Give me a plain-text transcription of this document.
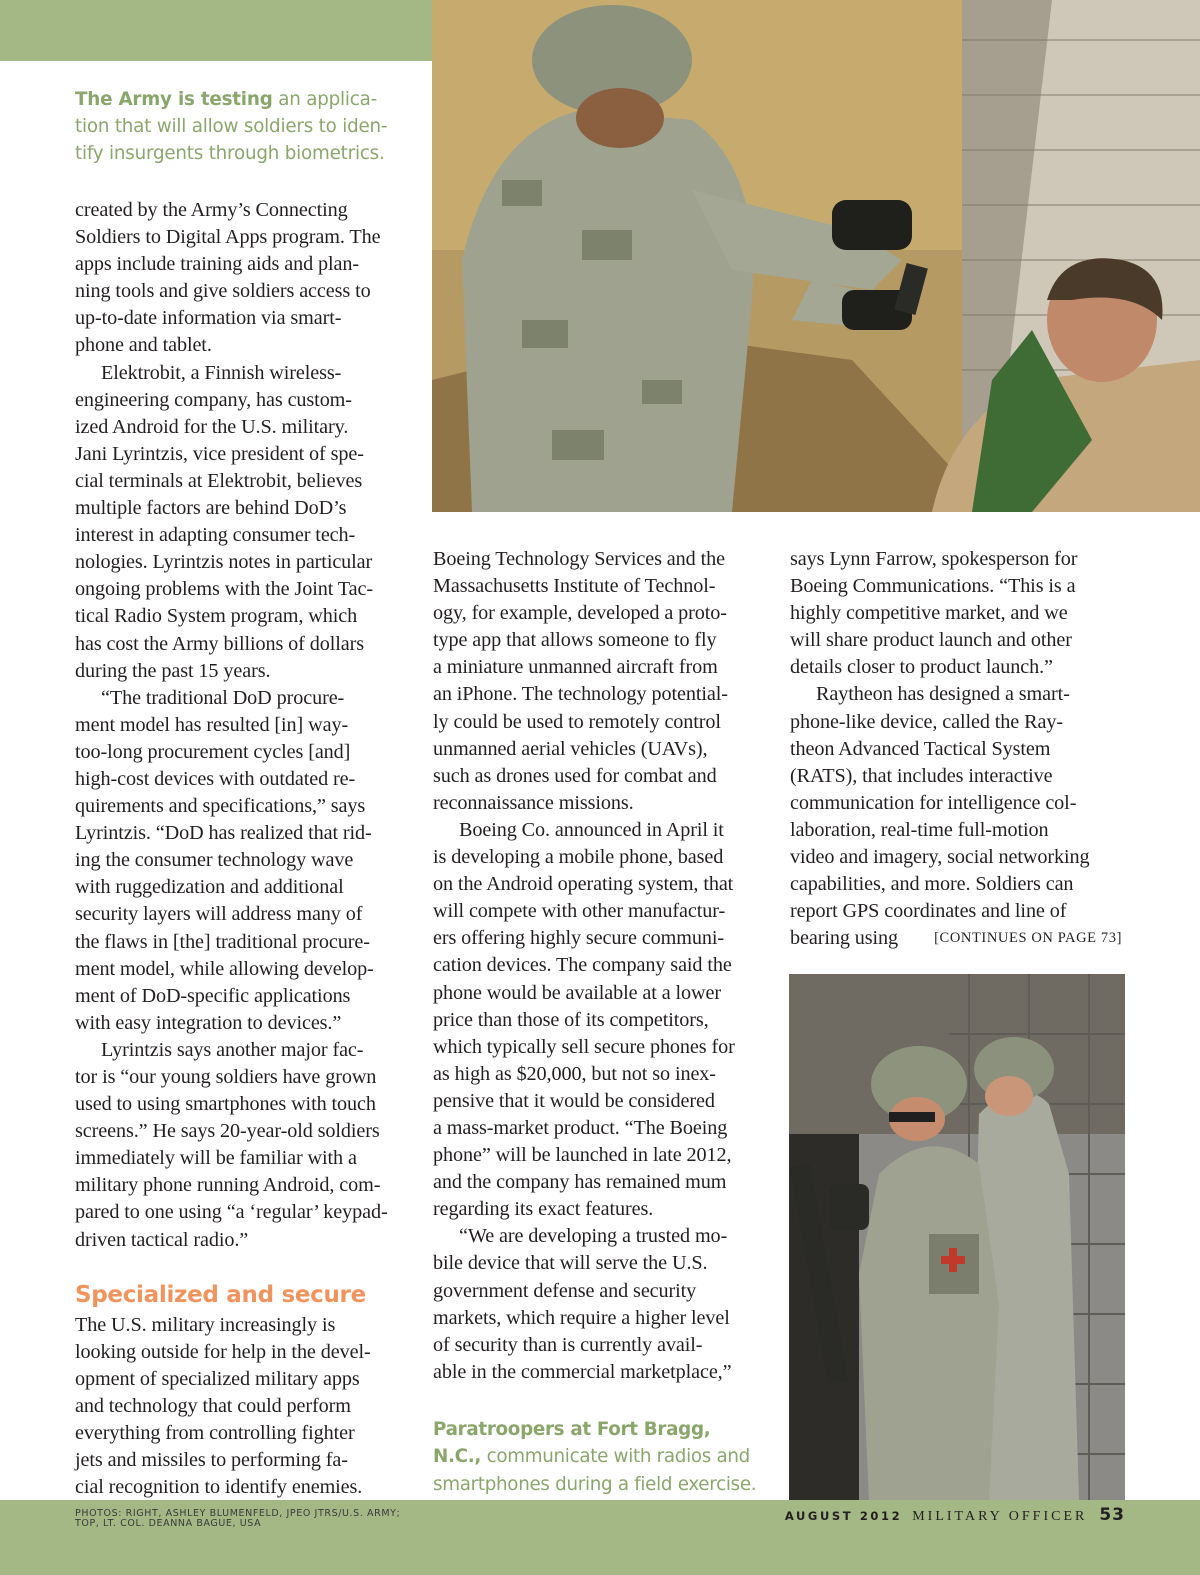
The Army is testing an applica-
tion that will allow soldiers to iden-
tify insurgents through biometrics.

created by the Army’s Connecting

Soldiers to Digital Apps program. The

apps include training aids and plan-

ning tools and give soldiers access to

up-to-date information via smart-

phone and tablet.

Elektrobit, a Finnish wireless-

engineering company, has custom-

ized Android for the U.S. military.

Jani Lyrintzis, vice president of spe-

cial terminals at Elektrobit, believes

multiple factors are behind DoD’s

interest in adapting consumer tech-

nologies. Lyrintzis notes in particular

ongoing problems with the Joint Tac-

tical Radio System program, which

has cost the Army billions of dollars

during the past 15 years.

“The traditional DoD procure-

ment model has resulted [in] way-

too-long procurement cycles [and]

high-cost devices with outdated re-

quirements and specifications,” says

Lyrintzis. “DoD has realized that rid-

ing the consumer technology wave

with ruggedization and additional

security layers will address many of

the flaws in [the] traditional procure-

ment model, while allowing develop-

ment of DoD-specific applications

with easy integration to devices.”

Lyrintzis says another major fac-

tor is “our young soldiers have grown

used to using smartphones with touch

screens.” He says 20-year-old soldiers

immediately will be familiar with a

military phone running Android, com-

pared to one using “a ‘regular’ keypad-

driven tactical radio.”

Specialized and secure

The U.S. military increasingly is

looking outside for help in the devel-

opment of specialized military apps

and technology that could perform

everything from controlling fighter

jets and missiles to performing fa-

cial recognition to identify enemies.

Boeing Technology Services and the

Massachusetts Institute of Technol-

ogy, for example, developed a proto-

type app that allows someone to fly

a miniature unmanned aircraft from

an iPhone. The technology potential-

ly could be used to remotely control

unmanned aerial vehicles (UAVs),

such as drones used for combat and

reconnaissance missions.

Boeing Co. announced in April it

is developing a mobile phone, based

on the Android operating system, that

will compete with other manufactur-

ers offering highly secure communi-

cation devices. The company said the

phone would be available at a lower

price than those of its competitors,

which typically sell secure phones for

as high as $20,000, but not so inex-

pensive that it would be considered

a mass-market product. “The Boeing

phone” will be launched in late 2012,

and the company has remained mum

regarding its exact features.

“We are developing a trusted mo-

bile device that will serve the U.S.

government defense and security

markets, which require a higher level

of security than is currently avail-

able in the commercial marketplace,”

Paratroopers at Fort Bragg,
N.C., communicate with radios and
smartphones during a field exercise.

says Lynn Farrow, spokesperson for

Boeing Communications. “This is a

highly competitive market, and we

will share product launch and other

details closer to product launch.”

Raytheon has designed a smart-

phone-like device, called the Ray-

theon Advanced Tactical System

(RATS), that includes interactive

communication for intelligence col-

laboration, real-time full-motion

video and imagery, social networking

capabilities, and more. Soldiers can

report GPS coordinates and line of

bearing using [CONTINUES ON PAGE 73]

PHOTOS: RIGHT, ASHLEY BLUMENFELD, JPEO JTRS/U.S. ARMY;
TOP, LT. COL. DEANNA BAGUE, USA
AUGUST 2012 MILITARY OFFICER 53
